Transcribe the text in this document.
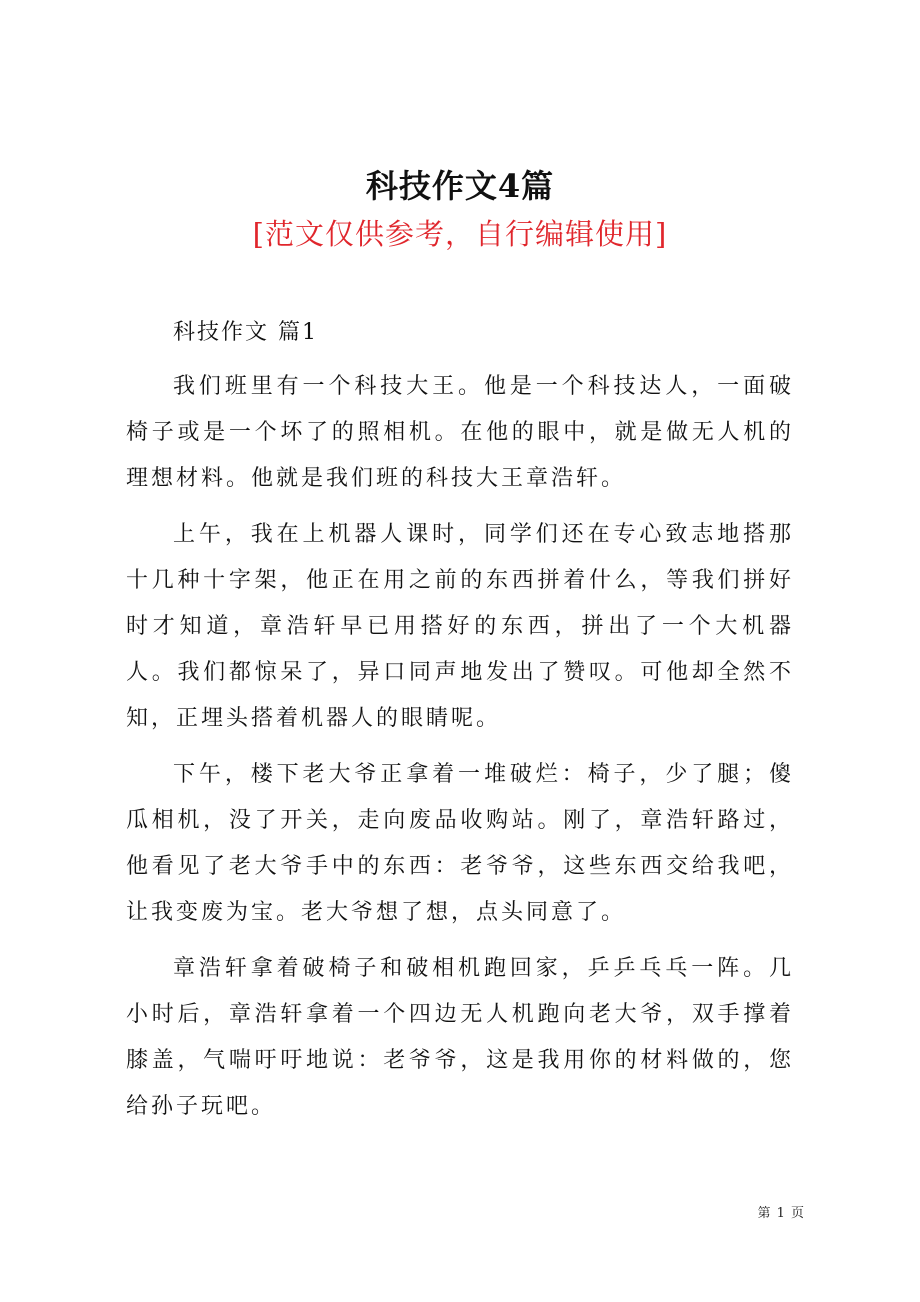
科技作文4篇
[范文仅供参考，自行编辑使用]

科技作文 篇1

我们班里有一个科技大王。他是一个科技达人，一面破椅子或是一个坏了的照相机。在他的眼中，就是做无人机的理想材料。他就是我们班的科技大王章浩轩。

上午，我在上机器人课时，同学们还在专心致志地搭那十几种十字架，他正在用之前的东西拼着什么，等我们拼好时才知道，章浩轩早已用搭好的东西，拼出了一个大机器人。我们都惊呆了，异口同声地发出了赞叹。可他却全然不知，正埋头搭着机器人的眼睛呢。

下午，楼下老大爷正拿着一堆破烂：椅子，少了腿；傻瓜相机，没了开关，走向废品收购站。刚了，章浩轩路过，他看见了老大爷手中的东西：老爷爷，这些东西交给我吧，让我变废为宝。老大爷想了想，点头同意了。

章浩轩拿着破椅子和破相机跑回家，乒乒乓乓一阵。几小时后，章浩轩拿着一个四边无人机跑向老大爷，双手撑着膝盖，气喘吁吁地说：老爷爷，这是我用你的材料做的，您给孙子玩吧。

第 1 页
